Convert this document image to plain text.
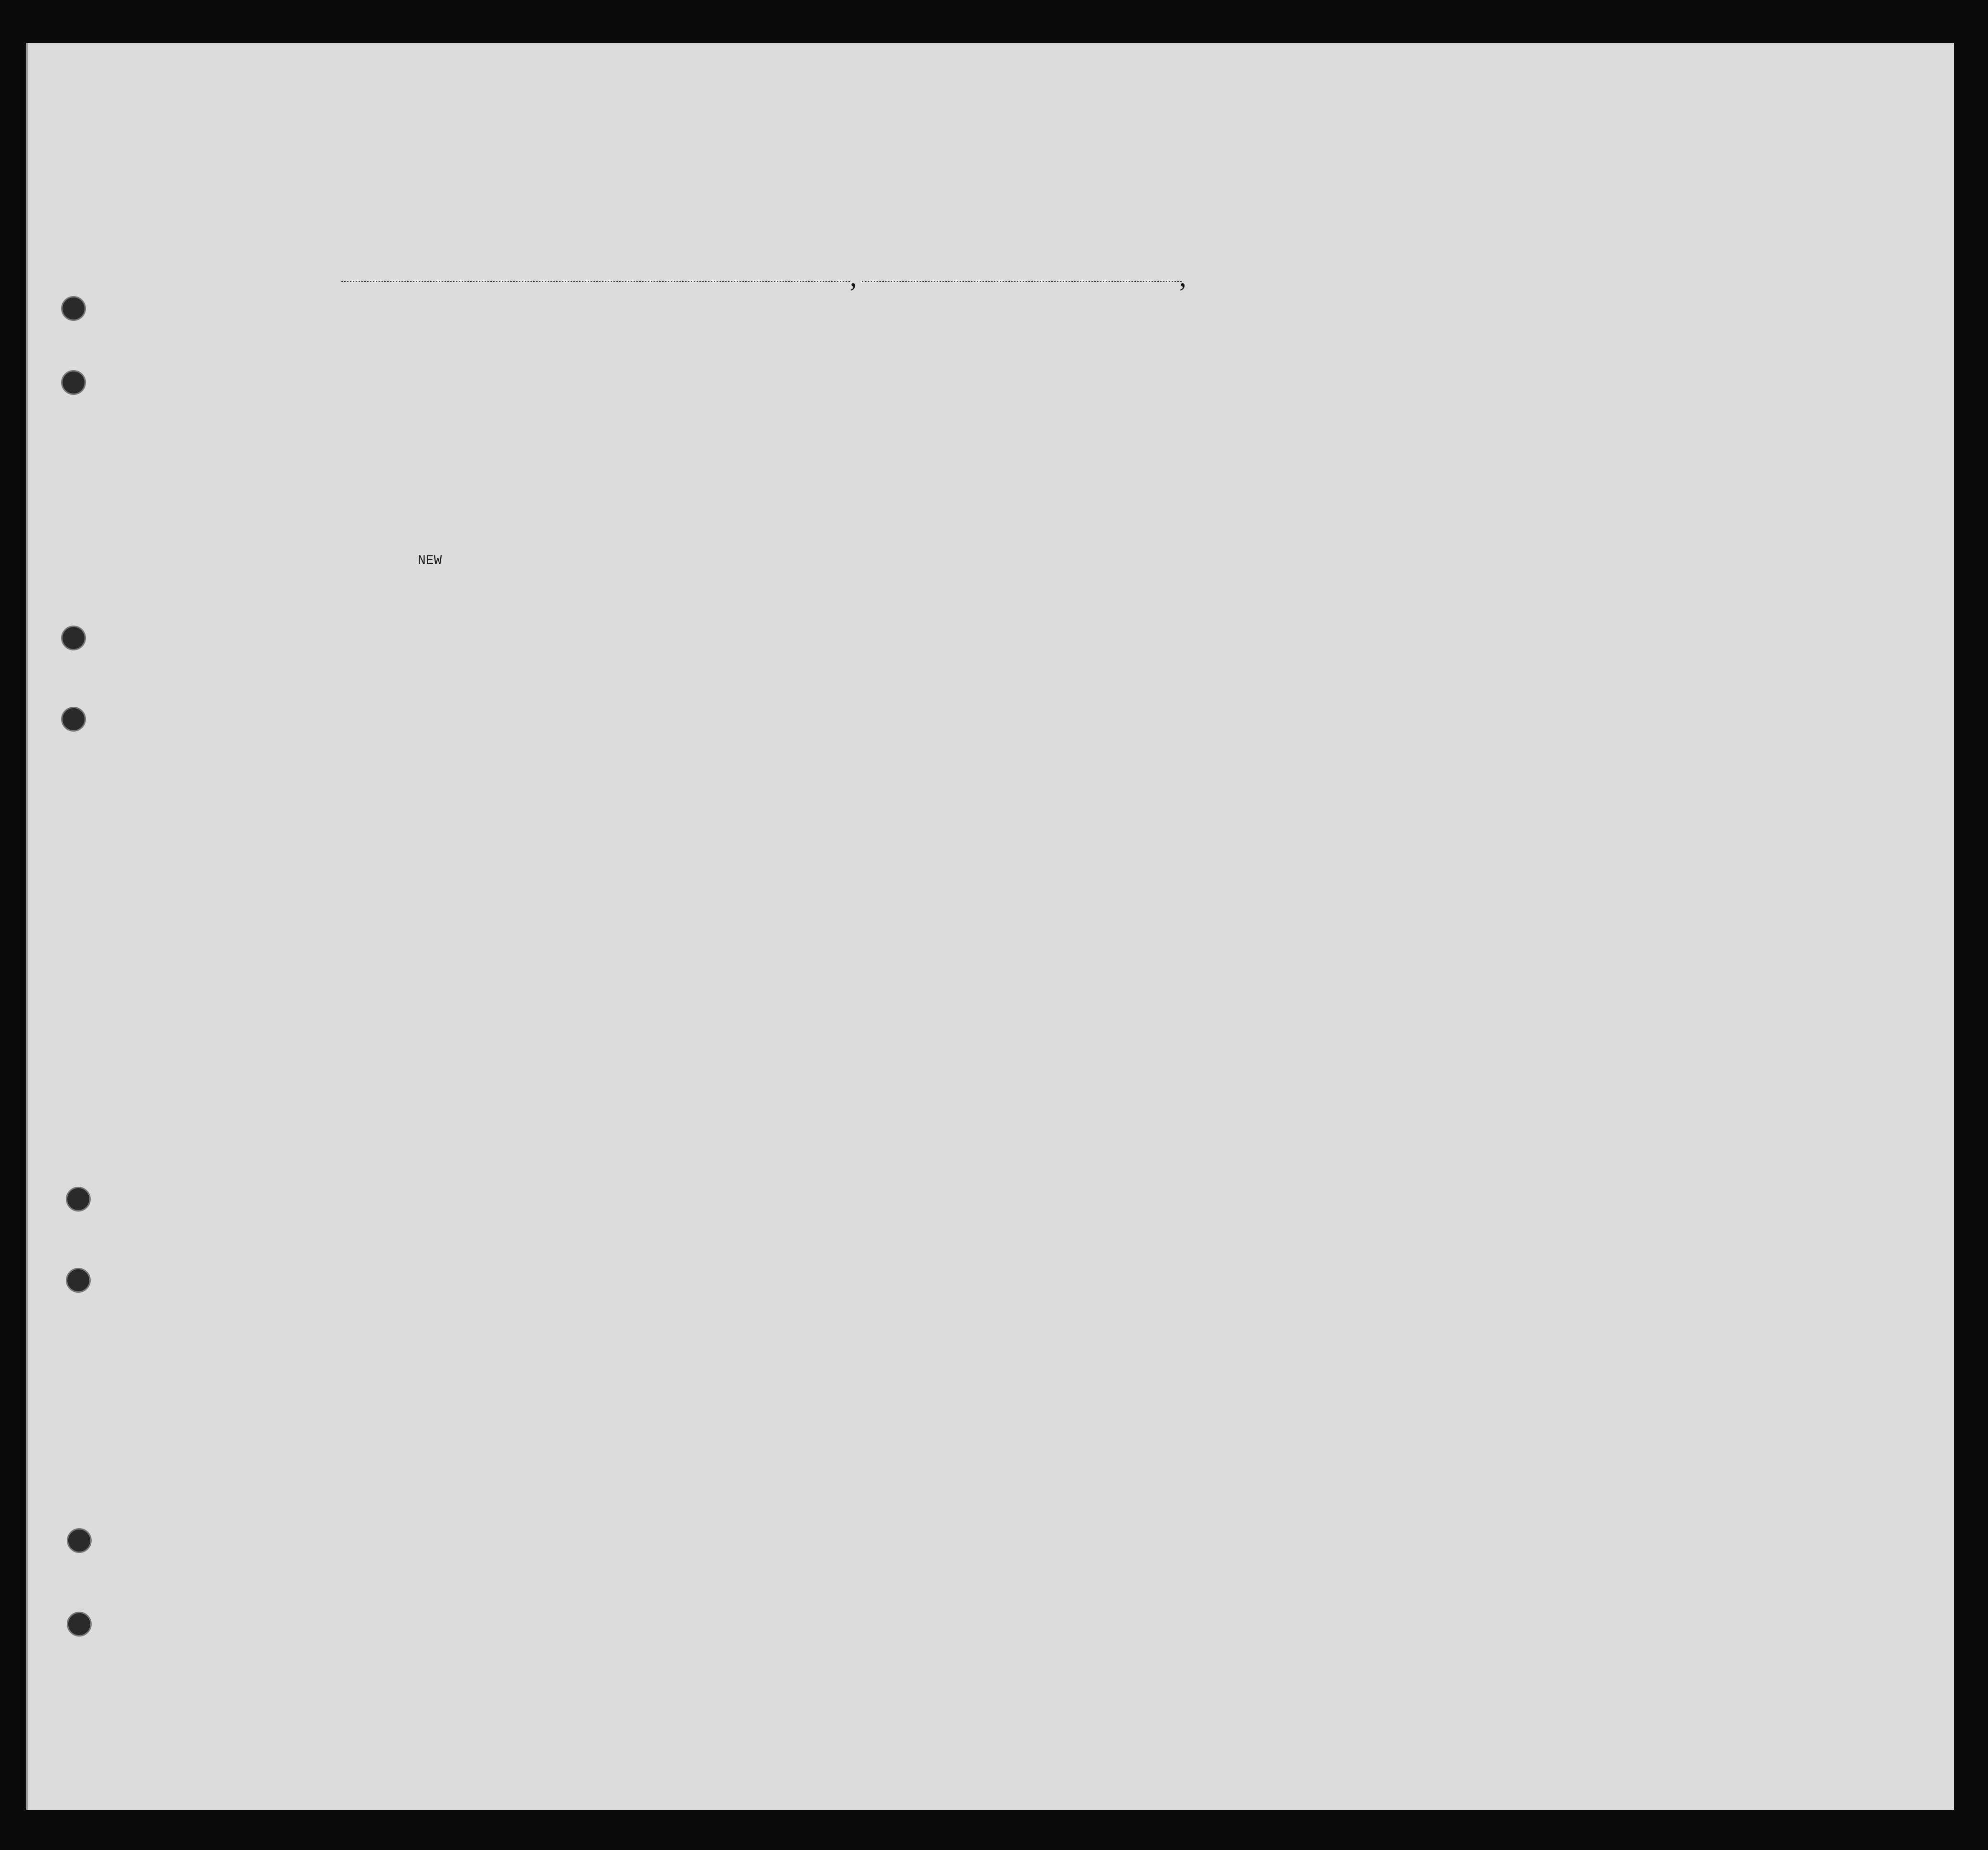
,	,
NEW
